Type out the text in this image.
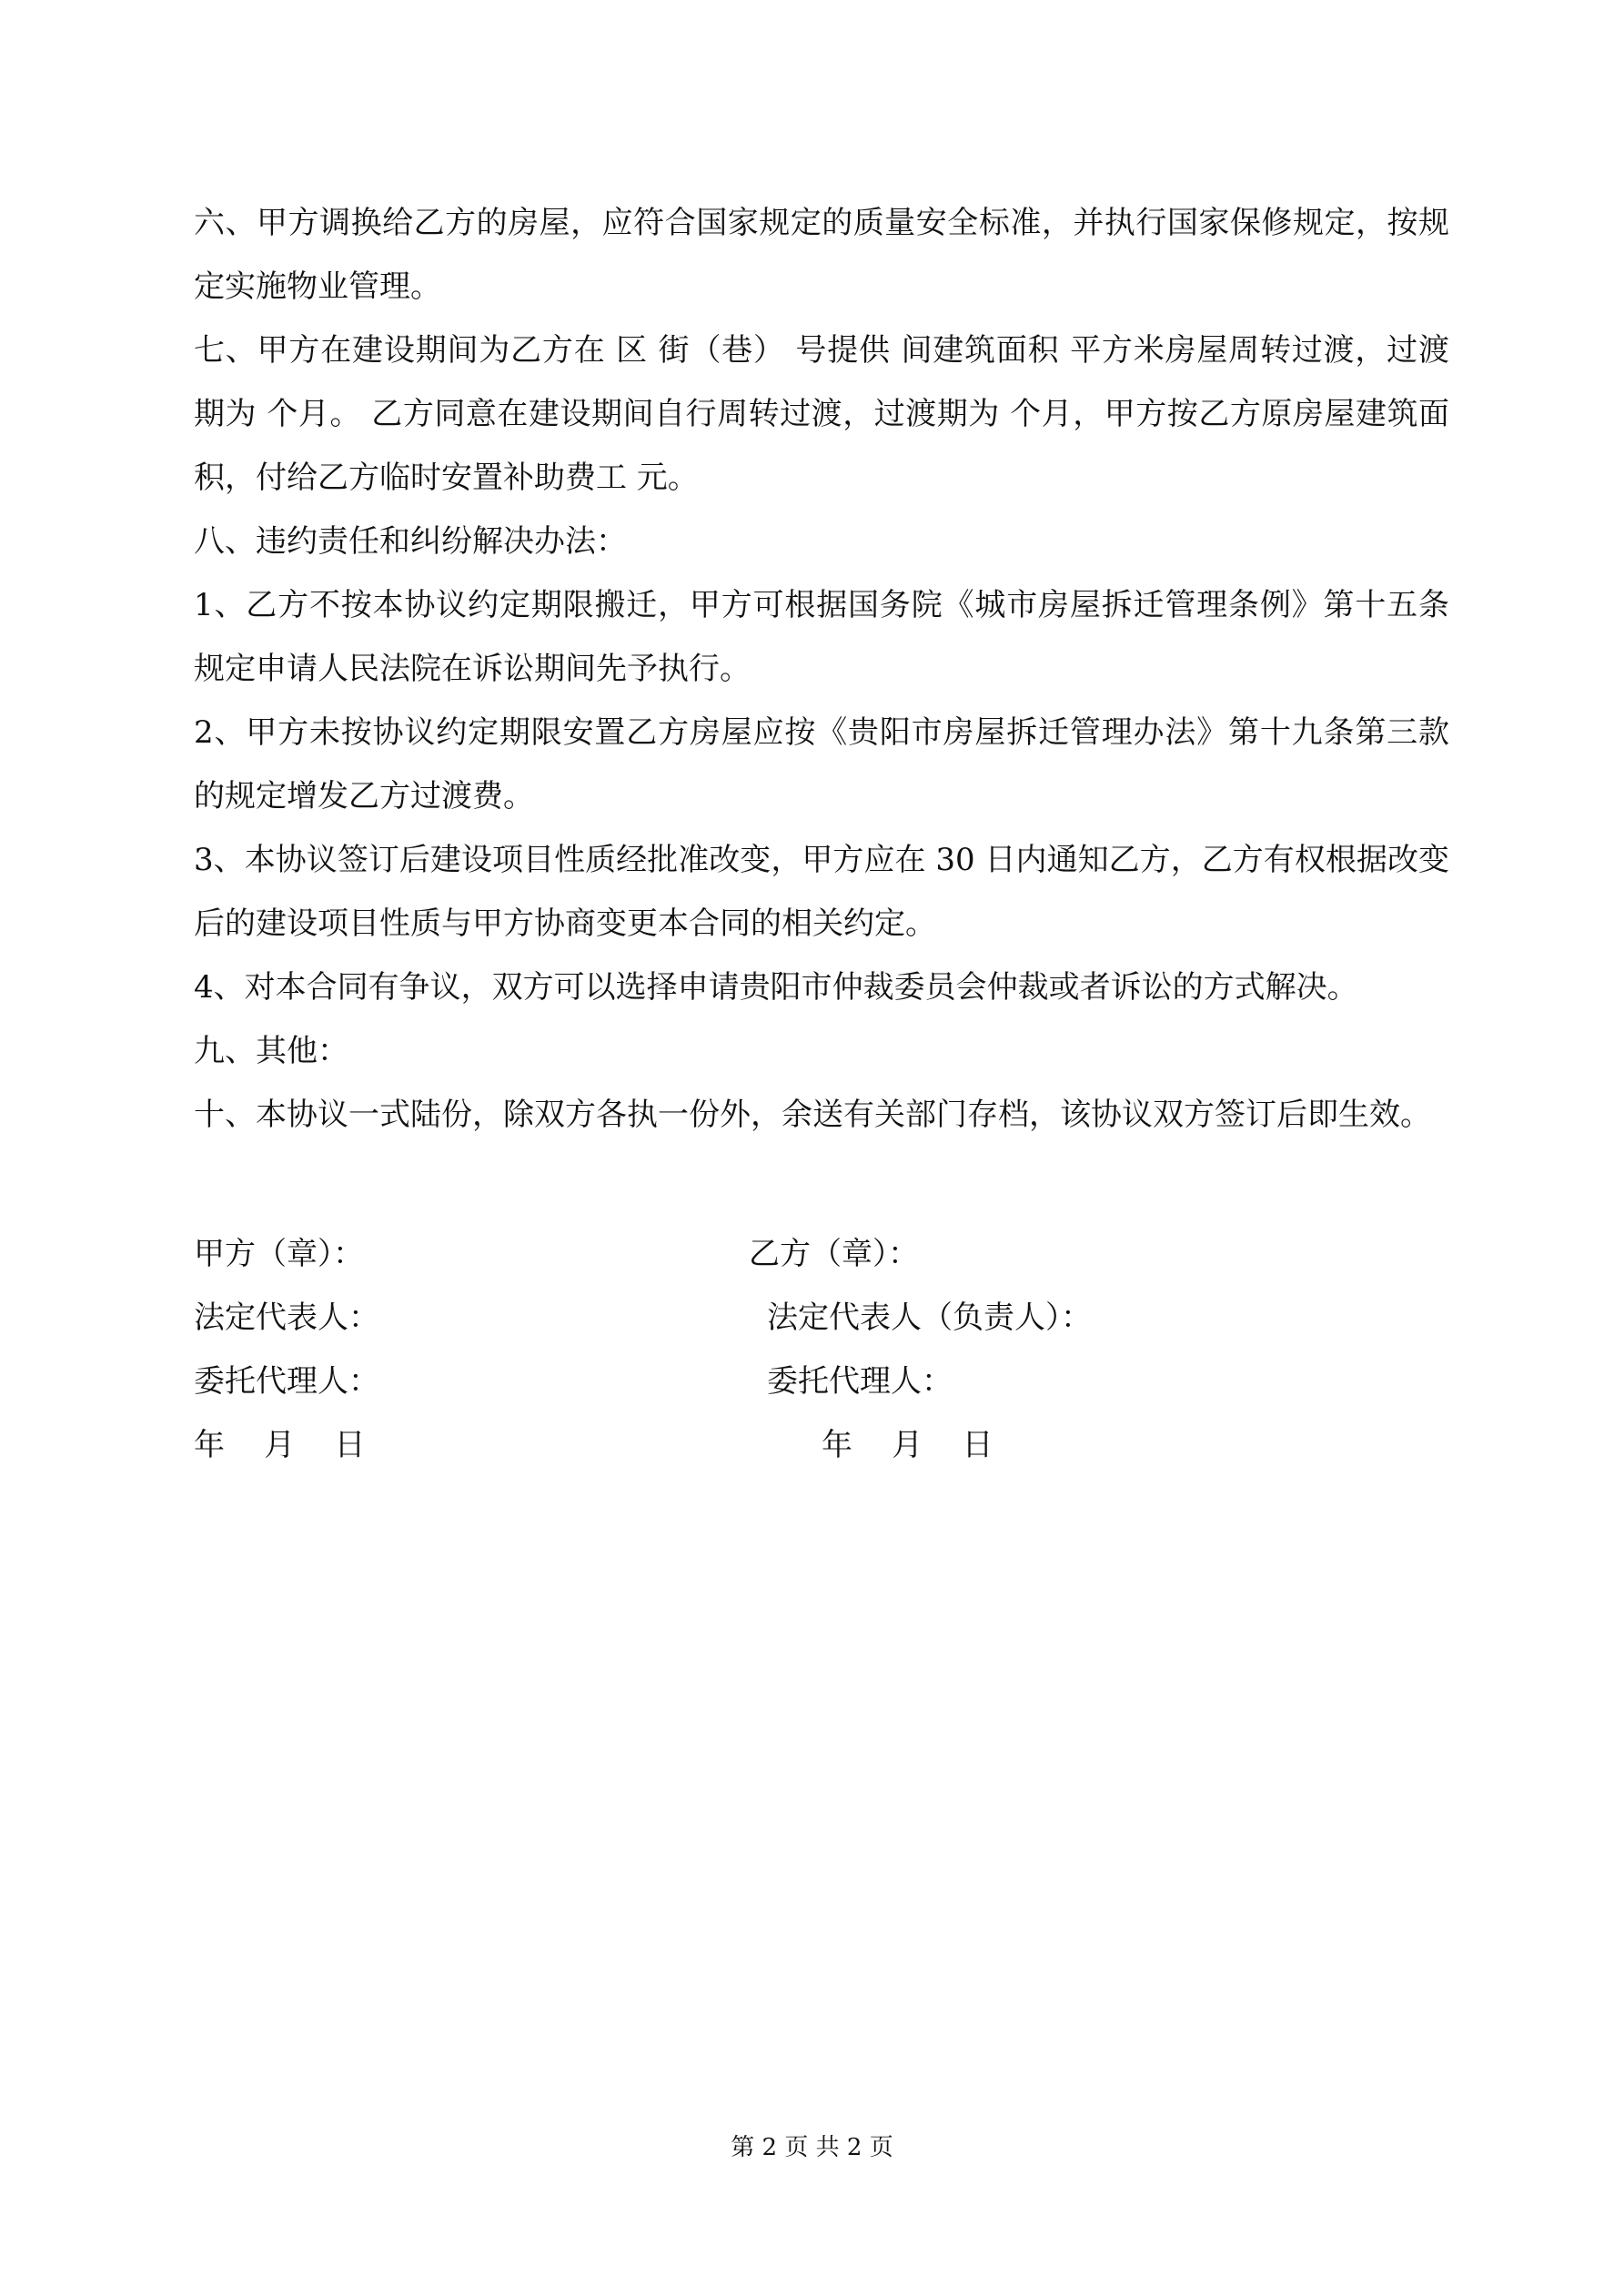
六、甲方调换给乙方的房屋，应符合国家规定的质量安全标准，并执行国家保修规定，按规定实施物业管理。

七、甲方在建设期间为乙方在 区 街（巷） 号提供 间建筑面积 平方米房屋周转过渡，过渡期为 个月。 乙方同意在建设期间自行周转过渡，过渡期为 个月，甲方按乙方原房屋建筑面积，付给乙方临时安置补助费工 元。

八、违约责任和纠纷解决办法：

1、乙方不按本协议约定期限搬迁，甲方可根据国务院《城市房屋拆迁管理条例》第十五条规定申请人民法院在诉讼期间先予执行。

2、甲方未按协议约定期限安置乙方房屋应按《贵阳市房屋拆迁管理办法》第十九条第三款的规定增发乙方过渡费。

3、本协议签订后建设项目性质经批准改变，甲方应在 30 日内通知乙方，乙方有权根据改变后的建设项目性质与甲方协商变更本合同的相关约定。

4、对本合同有争议，双方可以选择申请贵阳市仲裁委员会仲裁或者诉讼的方式解决。

九、其他：

十、本协议一式陆份，除双方各执一份外，余送有关部门存档，该协议双方签订后即生效。

甲方（章）：	乙方（章）：
法定代表人：	法定代表人（负责人）：
委托代理人：	委托代理人：
年    月    日	年    月    日
第 2 页 共 2 页
